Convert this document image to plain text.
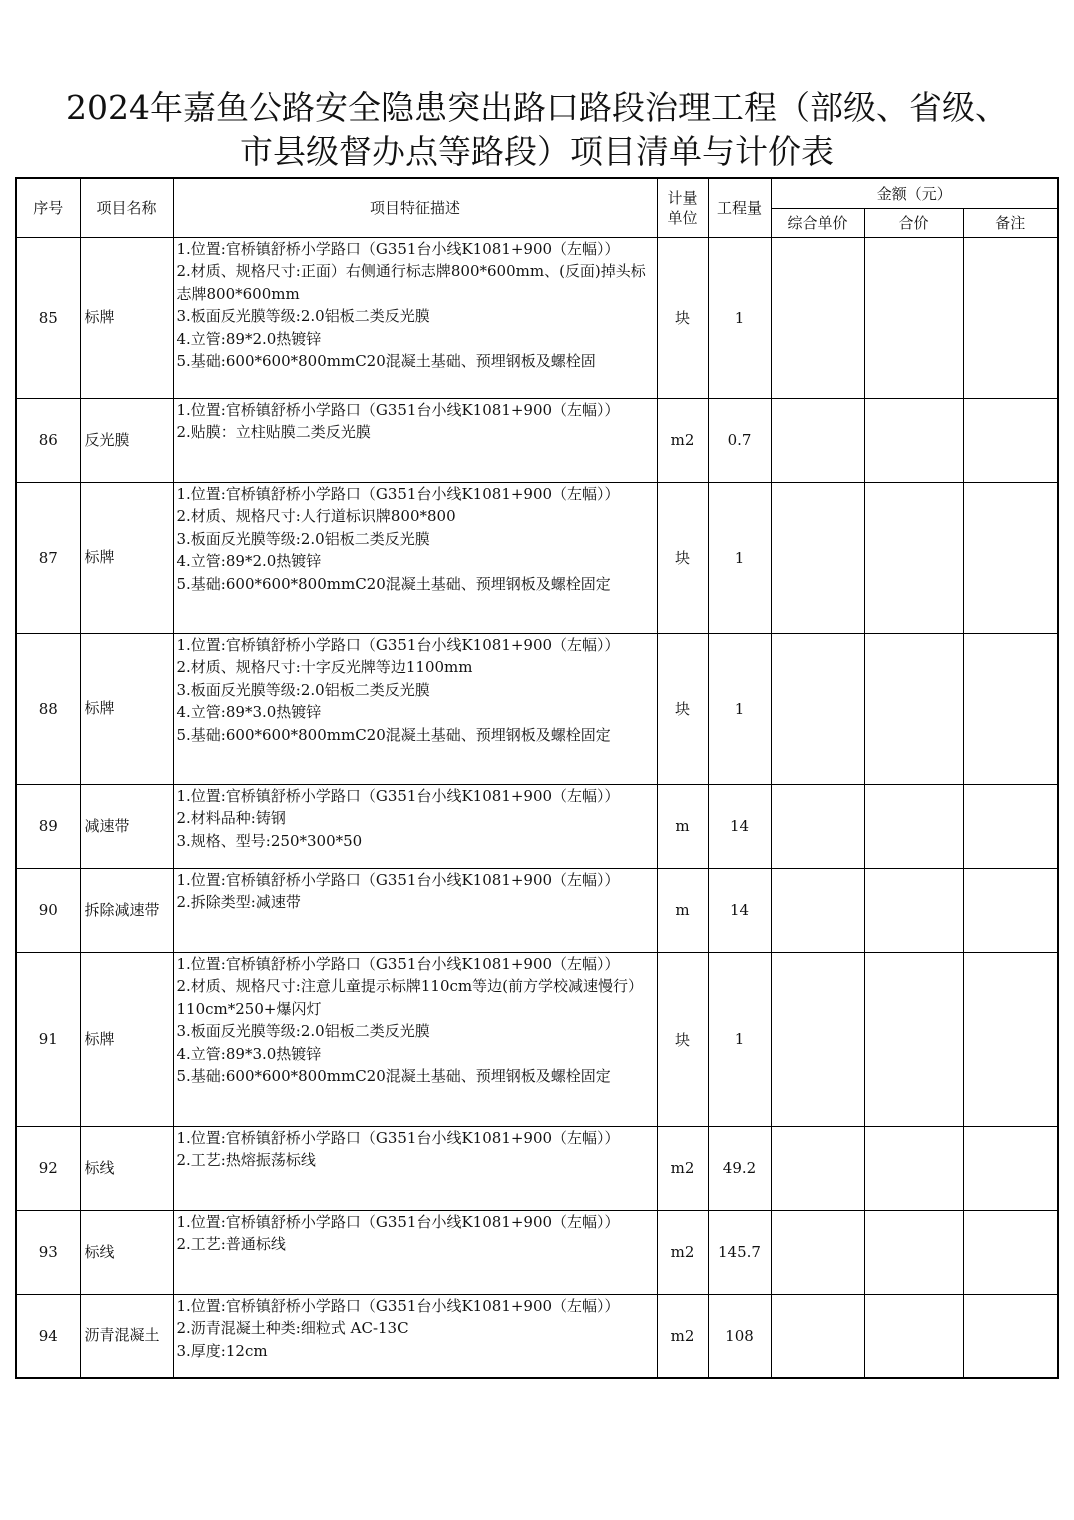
2024年嘉鱼公路安全隐患突出路口路段治理工程（部级、省级、
市县级督办点等路段）项目清单与计价表
序号	项目名称	项目特征描述	计量
单位	工程量	金额（元）		
					综合单价	合价	备注
85	标牌	1.位置:官桥镇舒桥小学路口（G351台小线K1081+900（左幅））
2.材质、规格尺寸:正面）右侧通行标志牌800*600mm、(反面)掉头标志牌800*600mm
3.板面反光膜等级:2.0铝板二类反光膜
4.立管:89*2.0热镀锌
5.基础:600*600*800mmC20混凝土基础、预埋钢板及螺栓固	块	1			
86	反光膜	1.位置:官桥镇舒桥小学路口（G351台小线K1081+900（左幅））
2.贴膜：立柱贴膜二类反光膜	m2	0.7			
87	标牌	1.位置:官桥镇舒桥小学路口（G351台小线K1081+900（左幅））
2.材质、规格尺寸:人行道标识牌800*800
3.板面反光膜等级:2.0铝板二类反光膜
4.立管:89*2.0热镀锌
5.基础:600*600*800mmC20混凝土基础、预埋钢板及螺栓固定	块	1			
88	标牌	1.位置:官桥镇舒桥小学路口（G351台小线K1081+900（左幅））
2.材质、规格尺寸:十字反光牌等边1100mm
3.板面反光膜等级:2.0铝板二类反光膜
4.立管:89*3.0热镀锌
5.基础:600*600*800mmC20混凝土基础、预埋钢板及螺栓固定	块	1			
89	减速带	1.位置:官桥镇舒桥小学路口（G351台小线K1081+900（左幅））
2.材料品种:铸钢
3.规格、型号:250*300*50	m	14			
90	拆除减速带	1.位置:官桥镇舒桥小学路口（G351台小线K1081+900（左幅））
2.拆除类型:减速带	m	14			
91	标牌	1.位置:官桥镇舒桥小学路口（G351台小线K1081+900（左幅））
2.材质、规格尺寸:注意儿童提示标牌110cm等边(前方学校减速慢行）110cm*250+爆闪灯
3.板面反光膜等级:2.0铝板二类反光膜
4.立管:89*3.0热镀锌
5.基础:600*600*800mmC20混凝土基础、预埋钢板及螺栓固定	块	1			
92	标线	1.位置:官桥镇舒桥小学路口（G351台小线K1081+900（左幅））
2.工艺:热熔振荡标线	m2	49.2			
93	标线	1.位置:官桥镇舒桥小学路口（G351台小线K1081+900（左幅））
2.工艺:普通标线	m2	145.7			
94	沥青混凝土	1.位置:官桥镇舒桥小学路口（G351台小线K1081+900（左幅））
2.沥青混凝土种类:细粒式 AC-13C
3.厚度:12cm	m2	108			
